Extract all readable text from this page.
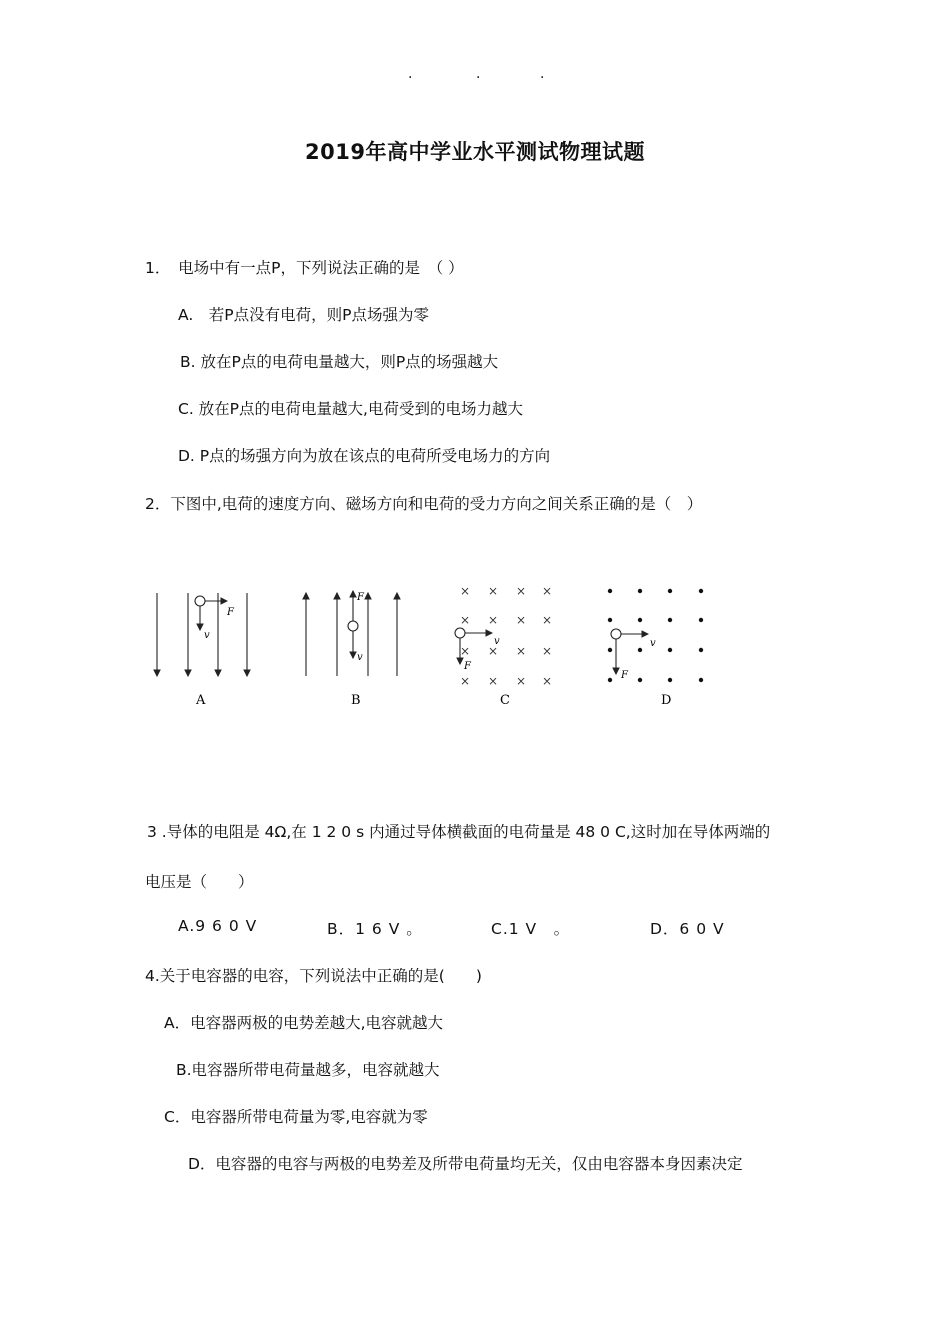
.	.	.
2019年高中学业水平测试物理试题
1．　电场中有一点P，下列说法正确的是　（ ）
A.　若P点没有电荷，则P点场强为零
B. 放在P点的电荷电量越大，则P点的场强越大
C. 放在P点的电荷电量越大,电荷受到的电场力越大
D. P点的场强方向为放在该点的电荷所受电场力的方向
2．下图中,电荷的速度方向、磁场方向和电荷的受力方向之间关系正确的是（　）
F
v
A
F
v
B
× × × ×
× × × ×
× × × ×
× × × ×
v
F
C
v
F
D
3 .导体的电阻是 4Ω,在 1 2 0 s 内通过导体横截面的电荷量是 48 0 C,这时加在导体两端的
电压是（　　）
A.9 6 0 V	B．1 6 V 。	C.1 V　。	D．6 0 V
4.关于电容器的电容，下列说法中正确的是(　　)
A．电容器两极的电势差越大,电容就越大
B.电容器所带电荷量越多，电容就越大
C．电容器所带电荷量为零,电容就为零
D．电容器的电容与两极的电势差及所带电荷量均无关，仅由电容器本身因素决定
